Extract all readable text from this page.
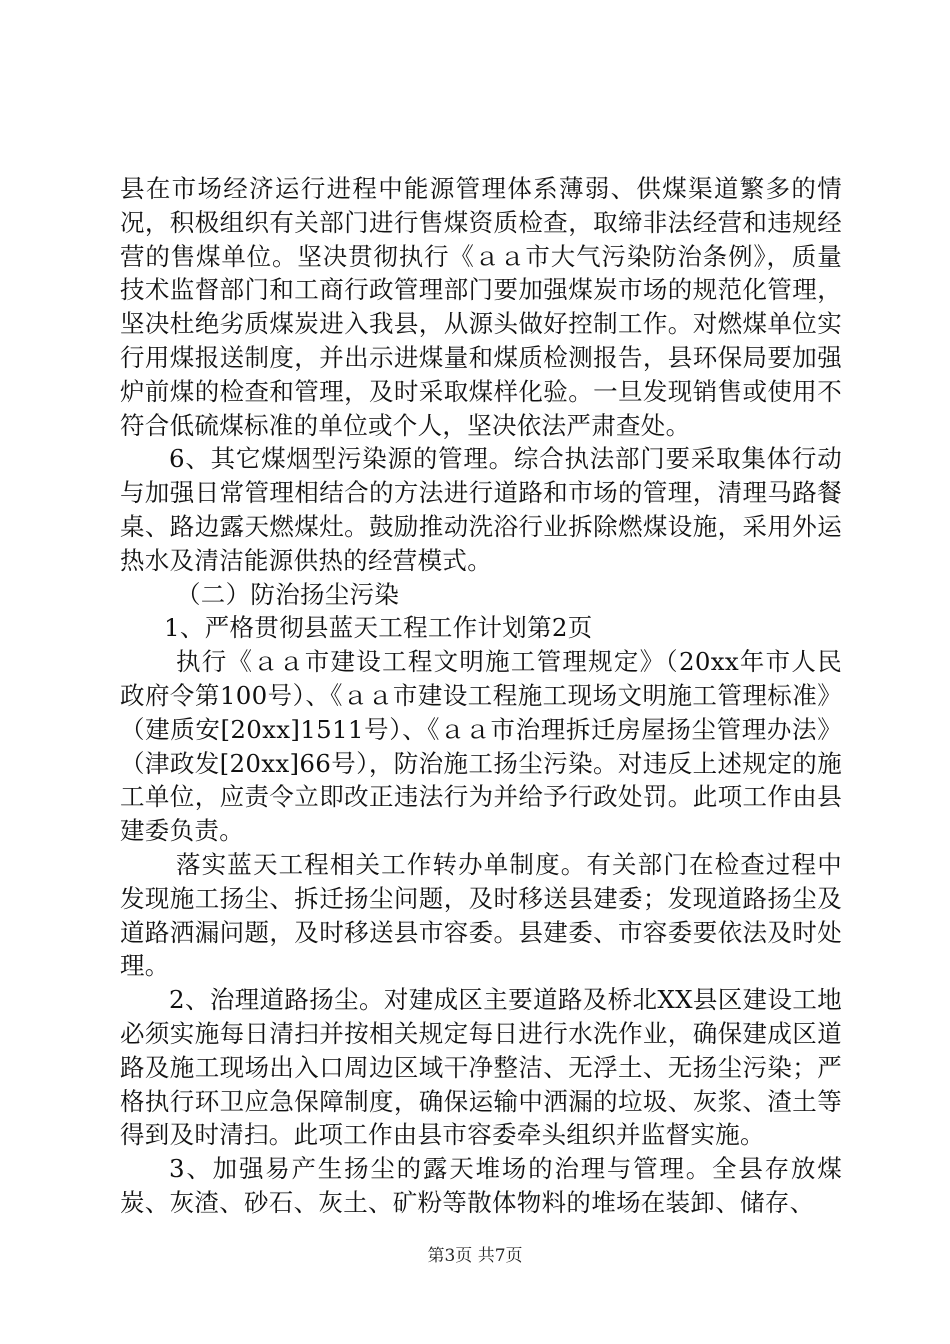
县在市场经济运行进程中能源管理体系薄弱、供煤渠道繁多的情况，积极组织有关部门进行售煤资质检查，取缔非法经营和违规经营的售煤单位。坚决贯彻执行《ａａ市大气污染防治条例》，质量技术监督部门和工商行政管理部门要加强煤炭市场的规范化管理，坚决杜绝劣质煤炭进入我县，从源头做好控制工作。对燃煤单位实行用煤报送制度，并出示进煤量和煤质检测报告，县环保局要加强炉前煤的检查和管理，及时采取煤样化验。一旦发现销售或使用不符合低硫煤标准的单位或个人，坚决依法严肃查处。

6、其它煤烟型污染源的管理。综合执法部门要采取集体行动与加强日常管理相结合的方法进行道路和市场的管理，清理马路餐桌、路边露天燃煤灶。鼓励推动洗浴行业拆除燃煤设施，采用外运热水及清洁能源供热的经营模式。

（二）防治扬尘污染

1、严格贯彻县蓝天工程工作计划第2页

执行《ａａ市建设工程文明施工管理规定》（20xx年市人民政府令第100号）、《ａａ市建设工程施工现场文明施工管理标准》（建质安[20xx]1511号）、《ａａ市治理拆迁房屋扬尘管理办法》（津政发[20xx]66号），防治施工扬尘污染。对违反上述规定的施工单位，应责令立即改正违法行为并给予行政处罚。此项工作由县建委负责。

落实蓝天工程相关工作转办单制度。有关部门在检查过程中发现施工扬尘、拆迁扬尘问题，及时移送县建委；发现道路扬尘及道路洒漏问题，及时移送县市容委。县建委、市容委要依法及时处理。

2、治理道路扬尘。对建成区主要道路及桥北XX县区建设工地必须实施每日清扫并按相关规定每日进行水洗作业，确保建成区道路及施工现场出入口周边区域干净整洁、无浮土、无扬尘污染；严格执行环卫应急保障制度，确保运输中洒漏的垃圾、灰浆、渣土等得到及时清扫。此项工作由县市容委牵头组织并监督实施。

3、加强易产生扬尘的露天堆场的治理与管理。全县存放煤炭、灰渣、砂石、灰土、矿粉等散体物料的堆场在装卸、储存、

第3页 共7页
